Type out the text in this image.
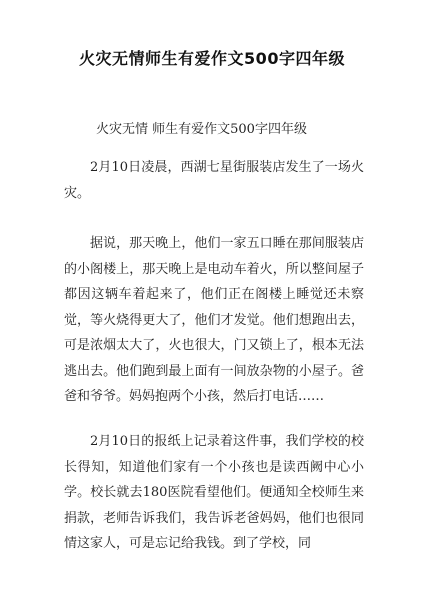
火灾无情师生有爱作文500字四年级
火灾无情 师生有爱作文500字四年级

2月10日凌晨，西湖七星街服装店发生了一场火灾。

据说，那天晚上，他们一家五口睡在那间服装店的小阁楼上，那天晚上是电动车着火，所以整间屋子都因这辆车着起来了，他们正在阁楼上睡觉还未察觉，等火烧得更大了，他们才发觉。他们想跑出去，可是浓烟太大了，火也很大，门又锁上了，根本无法逃出去。他们跑到最上面有一间放杂物的小屋子。爸爸和爷爷。妈妈抱两个小孩，然后打电话……

2月10日的报纸上记录着这件事，我们学校的校长得知，知道他们家有一个小孩也是读西阙中心小学。校长就去180医院看望他们。便通知全校师生来捐款，老师告诉我们，我告诉老爸妈妈，他们也很同情这家人，可是忘记给我钱。到了学校，同
